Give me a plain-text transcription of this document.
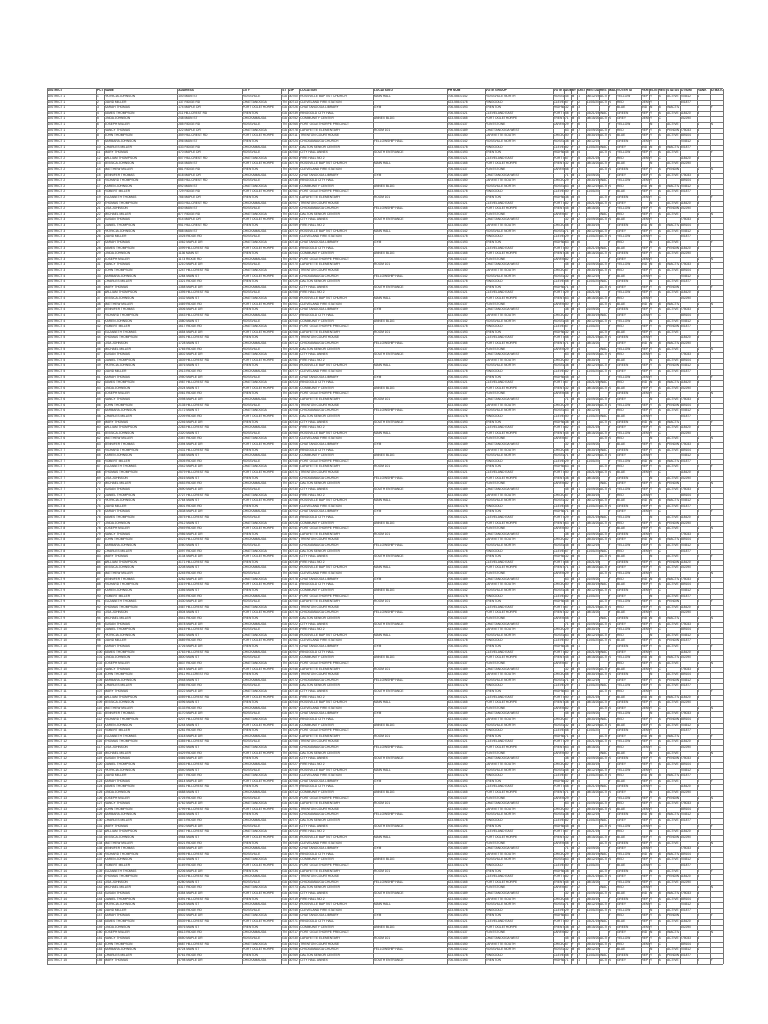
DISTRICT	PCT NAME	ADDRESS	CITY	ST ZIP	LOCATION	LOCATION 2	PH NUM	VOTE GROUP	VOTE AG BY DIST REG DA RES MAIL VOTER ID	PAR ELIG REG STATUS ID NUM	RANK	ID MAT
DISTRICT 1	1	PATRICIA JOHNSON	100 MAIN ST	ROSSVILLE	GA 30700 ROSSVILLE BAPTIST CHURCH	MAIN HALL	706-555-0142	ROSSVILLE NORTH	ROSS 45 M	1	06/12/1 ACT Y	YELLOW	REP Y	A	ACTIVE 204512	1
DISTRICT 1	2	DAVID MILLER	137 RIDGE RD	CHATTANOOGA	TN 30713 CLEVELAND FIRE STATION	423-555-0178	RINGGOLD	CLEVE 67 F	2	11/03/2 ACT N	RED	DEM Y	301877
DISTRICT 1	3	SARAH THOMAS	174 MAPLE DR	FORT OGLETHORPE	GA 30726 CHATTANOOGA LIBRARY	GYM	706-555-0193	TRENTON	HIGHW 32 M	3	Y	BLUE	IND N	B	INACTI	2	Y
DISTRICT 1	4	JAMES THOMPSON	211 HILLCREST RD	TRENTON	GA 30739 RINGGOLD CITY HALL	706-555-0121	CLEVELAND EAST	FORT 58 F	4	03/21/1 INAC	GREEN	REP Y	A	ACTIVE 118420	3
DISTRICT 1	5	LINDA JOHNSON	248 MAIN ST	CHICKAMAUGA	GA 30752 COMMUNITY CENTER	ANNEX BLDG	423-555-0165	FORT OGLETHORPE	TRENT 71 M	5	08/15/2 ACT N	GREY	DEM Y	C	452290
DISTRICT 1	6	JOSEPH MILLER	285 RIDGE RD	ROSSVILLE	TN 30765 FORT OGLETHORPE PRECINCT	706-555-0137	FLINTSTONE	LAFAY 29 F	6	Y	YELLOW	N	ACTIVE	1	N
DISTRICT 1	7	NANCY THOMAS	322 MAPLE DR	CHATTANOOGA	GA 30778 LAFAYETTE ELEMENTARY	ROOM 101	706-555-0189	CHATTANOOGA WEST	63 M	7	01/09/2 ACT Y	RED	REP Y	A	PENDIN 275033	4
DISTRICT 1	8	JOHN THOMPSON	359 HILLCREST RD	FORT OGLETHORPE	GA 30711 TRENTON COURTHOUSE	423-555-0150	LAFAYETTE SOUTH	CHICK 50 F	1	05/30/1 ACT N	BLUE	REP Y	A	ACTIVE 389104	2
DISTRICT 1	9	BARBARA JOHNSON	396 MAIN ST	TRENTON	GA 30724 CHICKAMAUGA CHURCH	FELLOWSHIP HALL	706-555-0142	ROSSVILLE NORTH	ROSS 38 M	2	06/12/1	Y	GREEN	DEM Y	204512	1
DISTRICT 1	10	CHARLES MILLER	433 RIDGE RD	CHICKAMAUGA	TN 30737 DALTON SENIOR CENTER	423-555-0178	RINGGOLD	CLEVE 82 F	3	11/03/2 INAC	GREY	IND N	B	INACTI 301877
DISTRICT 1	11	MARY THOMAS	470 MAPLE DR	ROSSVILLE	GA 30750 CITY HALL ANNEX	SOUTH ENTRANCE	706-555-0193	TRENTON	HIGHW 45 M	4	ACT N	YELLOW	REP Y	A	ACTIVE	2	Y
DISTRICT 2	12	WILLIAM THOMPSON	507 HILLCREST RD	CHATTANOOGA	GA 30763 FIRE HALL NO 2	706-555-0121	CLEVELAND EAST	FORT 67 F	5	03/21/1	Y	RED	DEM Y	C	118420	3
DISTRICT 2	13	JESSICA JOHNSON	544 MAIN ST	FORT OGLETHORPE	GA 30776 ROSSVILLE BAPTIST CHURCH	MAIN HALL	423-555-0165	FORT OGLETHORPE	TRENT 32 M	6	08/15/2 ACT Y	BLUE	N	ACTIVE 452290
DISTRICT 2	14	MATTHEW MILLER	581 RIDGE RD	TRENTON	TN 30709 CLEVELAND FIRE STATION	706-555-0137	FLINTSTONE	LAFAY 58 F	7	ACT N	GREEN	REP Y	A	PENDIN	1	N
DISTRICT 2	15	JENNIFER THOMAS	618 MAPLE DR	CHICKAMAUGA	GA 30722 CHATTANOOGA LIBRARY	GYM	706-555-0189	CHATTANOOGA WEST	71 M	1	01/09/2	Y	GREY	REP Y	A	ACTIVE 275033	4
DISTRICT 2	16	RICHARD THOMPSON	655 HILLCREST RD	ROSSVILLE	GA 30735 RINGGOLD CITY HALL	423-555-0150	LAFAYETTE SOUTH	CHICK 29 F	2	05/30/1 INAC	YELLOW	DEM Y	389104	2
DISTRICT 2	17	KAREN JOHNSON	692 MAIN ST	CHATTANOOGA	GA 30748 COMMUNITY CENTER	ANNEX BLDG	706-555-0142	ROSSVILLE NORTH	ROSS 63 M	3	06/12/1 ACT N	RED	IND N	B	INACTI 204512	1
DISTRICT 2	18	ROBERT MILLER	729 RIDGE RD	FORT OGLETHORPE	TN 30761 FORT OGLETHORPE PRECINCT	423-555-0178	RINGGOLD	CLEVE 50 F	4	11/03/2	Y	BLUE	REP Y	A	ACTIVE 301877
DISTRICT 2	19	ELIZABETH THOMAS	766 MAPLE DR	TRENTON	GA 30774 LAFAYETTE ELEMENTARY	ROOM 101	706-555-0193	TRENTON	HIGHW 38 M	5	ACT Y	GREEN	DEM Y	C	2	Y
DISTRICT 2	20	THOMAS THOMPSON	803 HILLCREST RD	CHICKAMAUGA	GA 30707 TRENTON COURTHOUSE	706-555-0121	CLEVELAND EAST	FORT 82 F	6	03/21/1 ACT N	GREY	N	ACTIVE 118420	3
DISTRICT 2	21	LISA JOHNSON	840 MAIN ST	ROSSVILLE	GA 30720 CHICKAMAUGA CHURCH	FELLOWSHIP HALL	423-555-0165	FORT OGLETHORPE	TRENT 45 M	7	08/15/2	Y	YELLOW	REP Y	A	PENDIN 452290
DISTRICT 3	22	MICHAEL MILLER	877 RIDGE RD	CHATTANOOGA	TN 30733 DALTON SENIOR CENTER	706-555-0137	FLINTSTONE	LAFAY 67 F	1	INAC	RED	REP Y	A	ACTIVE	1	N
DISTRICT 3	23	SUSAN THOMAS	914 MAPLE DR	FORT OGLETHORPE	GA 30746 CITY HALL ANNEX	SOUTH ENTRANCE	706-555-0189	CHATTANOOGA WEST	32 M	2	01/09/2 ACT N	BLUE	DEM Y	275033	4
DISTRICT 3	24	DANIEL THOMPSON	951 HILLCREST RD	TRENTON	GA 30759 FIRE HALL NO 2	423-555-0150	LAFAYETTE SOUTH	CHICK 58 F	3	05/30/1	Y	GREEN	IND N	B	INACTI 389104	2
DISTRICT 3	25	PATRICIA JOHNSON	988 MAIN ST	CHICKAMAUGA	GA 30772 ROSSVILLE BAPTIST CHURCH	MAIN HALL	706-555-0142	ROSSVILLE NORTH	ROSS 71 M	4	06/12/1 ACT Y	GREY	REP Y	A	ACTIVE 204512	1
DISTRICT 3	26	DAVID MILLER	1025 RIDGE RD	ROSSVILLE	TN 30705 CLEVELAND FIRE STATION	423-555-0178	RINGGOLD	CLEVE 29 F	5	11/03/2 ACT N	YELLOW	DEM Y	C	301877
DISTRICT 3	27	SARAH THOMAS	1062 MAPLE DR	CHATTANOOGA	GA 30718 CHATTANOOGA LIBRARY	GYM	706-555-0193	TRENTON	HIGHW 63 M	6	Y	RED	N	ACTIVE	2	Y
DISTRICT 3	28	JAMES THOMPSON	1099 HILLCREST RD	FORT OGLETHORPE	GA 30731 RINGGOLD CITY HALL	706-555-0121	CLEVELAND EAST	FORT 50 F	7	03/21/1 INAC	BLUE	REP Y	A	PENDIN 118420	3
DISTRICT 3	29	LINDA JOHNSON	1136 MAIN ST	TRENTON	GA 30744 COMMUNITY CENTER	ANNEX BLDG	423-555-0165	FORT OGLETHORPE	TRENT 38 M	1	08/15/2 ACT N	GREEN	REP Y	A	ACTIVE 452290
DISTRICT 3	30	JOSEPH MILLER	1173 RIDGE RD	CHICKAMAUGA	TN 30757 FORT OGLETHORPE PRECINCT	706-555-0137	FLINTSTONE	LAFAY 82 F	2	Y	GREY	DEM Y	1	N
DISTRICT 3	31	NANCY THOMAS	1210 MAPLE DR	ROSSVILLE	GA 30770 LAFAYETTE ELEMENTARY	ROOM 101	706-555-0189	CHATTANOOGA WEST	45 M	3	01/09/2 ACT Y	YELLOW	IND N	B	INACTI 275033	4
DISTRICT 3	32	JOHN THOMPSON	1247 HILLCREST RD	CHATTANOOGA	GA 30703 TRENTON COURTHOUSE	423-555-0150	LAFAYETTE SOUTH	CHICK 67 F	4	05/30/1 ACT N	RED	REP Y	A	ACTIVE 389104	2
DISTRICT 4	33	BARBARA JOHNSON	1284 MAIN ST	FORT OGLETHORPE	GA 30716 CHICKAMAUGA CHURCH	FELLOWSHIP HALL	706-555-0142	ROSSVILLE NORTH	ROSS 32 M	5	06/12/1	Y	BLUE	DEM Y	C	204512	1
DISTRICT 4	34	CHARLES MILLER	1321 RIDGE RD	TRENTON	TN 30729 DALTON SENIOR CENTER	423-555-0178	RINGGOLD	CLEVE 58 F	6	11/03/2 INAC	GREEN	N	ACTIVE 301877
DISTRICT 4	35	MARY THOMAS	1358 MAPLE DR	CHICKAMAUGA	GA 30742 CITY HALL ANNEX	SOUTH ENTRANCE	706-555-0193	TRENTON	HIGHW 71 M	7	ACT N	GREY	REP Y	A	PENDIN	2	Y
DISTRICT 4	36	WILLIAM THOMPSON	1395 HILLCREST RD	ROSSVILLE	GA 30755 FIRE HALL NO 2	706-555-0121	CLEVELAND EAST	FORT 29 F	1	03/21/1	Y	YELLOW	REP Y	A	ACTIVE 118420	3
DISTRICT 4	37	JESSICA JOHNSON	1432 MAIN ST	CHATTANOOGA	GA 30768 ROSSVILLE BAPTIST CHURCH	MAIN HALL	423-555-0165	FORT OGLETHORPE	TRENT 63 M	2	08/15/2 ACT Y	RED	DEM Y	452290
DISTRICT 4	38	MATTHEW MILLER	1469 RIDGE RD	FORT OGLETHORPE	TN 30701 CLEVELAND FIRE STATION	706-555-0137	FLINTSTONE	LAFAY 50 F	3	ACT N	BLUE	IND N	B	INACTI	1	N
DISTRICT 4	39	JENNIFER THOMAS	1506 MAPLE DR	TRENTON	GA 30714 CHATTANOOGA LIBRARY	GYM	706-555-0189	CHATTANOOGA WEST	38 M	4	01/09/2	Y	GREEN	REP Y	A	ACTIVE 275033	4
DISTRICT 4	40	RICHARD THOMPSON	1543 HILLCREST RD	CHICKAMAUGA	GA 30727 RINGGOLD CITY HALL	423-555-0150	LAFAYETTE SOUTH	CHICK 82 F	5	05/30/1 INAC	GREY	DEM Y	C	389104	2
DISTRICT 4	41	KAREN JOHNSON	1580 MAIN ST	ROSSVILLE	GA 30740 COMMUNITY CENTER	ANNEX BLDG	706-555-0142	ROSSVILLE NORTH	ROSS 45 M	6	06/12/1 ACT N	YELLOW	N	ACTIVE 204512	1
DISTRICT 4	42	ROBERT MILLER	1617 RIDGE RD	CHATTANOOGA	TN 30753 FORT OGLETHORPE PRECINCT	423-555-0178	RINGGOLD	CLEVE 67 F	7	11/03/2	Y	RED	REP Y	A	PENDIN 301877
DISTRICT 5	43	ELIZABETH THOMAS	1654 MAPLE DR	FORT OGLETHORPE	GA 30766 LAFAYETTE ELEMENTARY	ROOM 101	706-555-0193	TRENTON	HIGHW 32 M	1	ACT Y	BLUE	REP Y	A	ACTIVE	2	Y
DISTRICT 5	44	THOMAS THOMPSON	1691 HILLCREST RD	TRENTON	GA 30779 TRENTON COURTHOUSE	706-555-0121	CLEVELAND EAST	FORT 58 F	2	03/21/1 ACT N	GREEN	DEM Y	118420	3
DISTRICT 5	45	LISA JOHNSON	1728 MAIN ST	CHICKAMAUGA	GA 30712 CHICKAMAUGA CHURCH	FELLOWSHIP HALL	423-555-0165	FORT OGLETHORPE	TRENT 71 M	3	08/15/2	Y	GREY	IND N	B	INACTI 452290
DISTRICT 5	46	MICHAEL MILLER	1765 RIDGE RD	ROSSVILLE	TN 30725 DALTON SENIOR CENTER	706-555-0137	FLINTSTONE	LAFAY 29 F	4	INAC	YELLOW	REP Y	A	ACTIVE	1	N
DISTRICT 5	47	SUSAN THOMAS	1802 MAPLE DR	CHATTANOOGA	GA 30738 CITY HALL ANNEX	SOUTH ENTRANCE	706-555-0189	CHATTANOOGA WEST	63 M	5	01/09/2 ACT N	RED	DEM Y	C	275033	4
DISTRICT 5	48	DANIEL THOMPSON	1839 HILLCREST RD	FORT OGLETHORPE	GA 30751 FIRE HALL NO 2	423-555-0150	LAFAYETTE SOUTH	CHICK 50 F	6	05/30/1	Y	BLUE	N	ACTIVE 389104	2
DISTRICT 5	49	PATRICIA JOHNSON	1876 MAIN ST	TRENTON	GA 30764 ROSSVILLE BAPTIST CHURCH	MAIN HALL	706-555-0142	ROSSVILLE NORTH	ROSS 38 M	7	06/12/1 ACT Y	GREEN	REP Y	A	PENDIN 204512	1
DISTRICT 5	50	DAVID MILLER	1913 RIDGE RD	CHICKAMAUGA	TN 30777 CLEVELAND FIRE STATION	423-555-0178	RINGGOLD	CLEVE 82 F	1	11/03/2 ACT N	GREY	REP Y	A	ACTIVE 301877
DISTRICT 5	51	SARAH THOMAS	1950 MAPLE DR	ROSSVILLE	GA 30710 CHATTANOOGA LIBRARY	GYM	706-555-0193	TRENTON	HIGHW 45 M	2	Y	YELLOW	DEM Y	2	Y
DISTRICT 5	52	JAMES THOMPSON	1987 HILLCREST RD	CHATTANOOGA	GA 30723 RINGGOLD CITY HALL	706-555-0121	CLEVELAND EAST	FORT 67 F	3	03/21/1 INAC	RED	IND N	B	INACTI 118420	3
DISTRICT 6	53	LINDA JOHNSON	2024 MAIN ST	FORT OGLETHORPE	GA 30736 COMMUNITY CENTER	ANNEX BLDG	423-555-0165	FORT OGLETHORPE	TRENT 32 M	4	08/15/2 ACT N	BLUE	REP Y	A	ACTIVE 452290
DISTRICT 6	54	JOSEPH MILLER	2061 RIDGE RD	TRENTON	TN 30749 FORT OGLETHORPE PRECINCT	706-555-0137	FLINTSTONE	LAFAY 58 F	5	Y	GREEN	DEM Y	C	1	N
DISTRICT 6	55	NANCY THOMAS	2098 MAPLE DR	CHICKAMAUGA	GA 30762 LAFAYETTE ELEMENTARY	ROOM 101	706-555-0189	CHATTANOOGA WEST	71 M	6	01/09/2 ACT Y	GREY	N	ACTIVE 275033	4
DISTRICT 6	56	JOHN THOMPSON	2135 HILLCREST RD	ROSSVILLE	GA 30775 TRENTON COURTHOUSE	423-555-0150	LAFAYETTE SOUTH	CHICK 29 F	7	05/30/1 ACT N	YELLOW	REP Y	A	PENDIN 389104	2
DISTRICT 6	57	BARBARA JOHNSON	2172 MAIN ST	CHATTANOOGA	GA 30708 CHICKAMAUGA CHURCH	FELLOWSHIP HALL	706-555-0142	ROSSVILLE NORTH	ROSS 63 M	1	06/12/1	Y	RED	REP Y	A	ACTIVE 204512	1
DISTRICT 6	58	CHARLES MILLER	2209 RIDGE RD	FORT OGLETHORPE	TN 30721 DALTON SENIOR CENTER	423-555-0178	RINGGOLD	CLEVE 50 F	2	11/03/2 INAC	BLUE	DEM Y	301877
DISTRICT 6	59	MARY THOMAS	2246 MAPLE DR	TRENTON	GA 30734 CITY HALL ANNEX	SOUTH ENTRANCE	706-555-0193	TRENTON	HIGHW 38 M	3	ACT N	GREEN	IND N	B	INACTI	2	Y
DISTRICT 6	60	WILLIAM THOMPSON	2283 HILLCREST RD	CHICKAMAUGA	GA 30747 FIRE HALL NO 2	706-555-0121	CLEVELAND EAST	FORT 82 F	4	03/21/1	Y	GREY	REP Y	A	ACTIVE 118420	3
DISTRICT 6	61	JESSICA JOHNSON	2320 MAIN ST	ROSSVILLE	GA 30760 ROSSVILLE BAPTIST CHURCH	MAIN HALL	423-555-0165	FORT OGLETHORPE	TRENT 45 M	5	08/15/2 ACT Y	YELLOW	DEM Y	C	452290
DISTRICT 6	62	MATTHEW MILLER	2357 RIDGE RD	CHATTANOOGA	TN 30773 CLEVELAND FIRE STATION	706-555-0137	FLINTSTONE	LAFAY 67 F	6	ACT N	RED	N	ACTIVE	1	N
DISTRICT 6	63	JENNIFER THOMAS	2394 MAPLE DR	FORT OGLETHORPE	GA 30706 CHATTANOOGA LIBRARY	GYM	706-555-0189	CHATTANOOGA WEST	32 M	7	01/09/2	Y	BLUE	REP Y	A	PENDIN 275033	4
DISTRICT 7	64	RICHARD THOMPSON	2431 HILLCREST RD	TRENTON	GA 30719 RINGGOLD CITY HALL	423-555-0150	LAFAYETTE SOUTH	CHICK 58 F	1	05/30/1 INAC	GREEN	REP Y	A	ACTIVE 389104	2
DISTRICT 7	65	KAREN JOHNSON	2468 MAIN ST	CHICKAMAUGA	GA 30732 COMMUNITY CENTER	ANNEX BLDG	706-555-0142	ROSSVILLE NORTH	ROSS 71 M	2	06/12/1 ACT N	GREY	DEM Y	204512	1
DISTRICT 7	66	ROBERT MILLER	2505 RIDGE RD	ROSSVILLE	TN 30745 FORT OGLETHORPE PRECINCT	423-555-0178	RINGGOLD	CLEVE 29 F	3	11/03/2	Y	YELLOW	IND N	B	INACTI 301877
DISTRICT 7	67	ELIZABETH THOMAS	2542 MAPLE DR	CHATTANOOGA	GA 30758 LAFAYETTE ELEMENTARY	ROOM 101	706-555-0193	TRENTON	HIGHW 63 M	4	ACT Y	RED	REP Y	A	ACTIVE	2	Y
DISTRICT 7	68	THOMAS THOMPSON	2579 HILLCREST RD	FORT OGLETHORPE	GA 30771 TRENTON COURTHOUSE	706-555-0121	CLEVELAND EAST	FORT 50 F	5	03/21/1 ACT N	BLUE	DEM Y	C	118420	3
DISTRICT 7	69	LISA JOHNSON	2616 MAIN ST	TRENTON	GA 30704 CHICKAMAUGA CHURCH	FELLOWSHIP HALL	423-555-0165	FORT OGLETHORPE	TRENT 38 M	6	08/15/2	Y	GREEN	N	ACTIVE 452290
DISTRICT 7	70	MICHAEL MILLER	2653 RIDGE RD	CHICKAMAUGA	TN 30717 DALTON SENIOR CENTER	706-555-0137	FLINTSTONE	LAFAY 82 F	7	INAC	GREY	REP Y	A	PENDIN	1	N
DISTRICT 7	71	SUSAN THOMAS	2690 MAPLE DR	ROSSVILLE	GA 30730 CITY HALL ANNEX	SOUTH ENTRANCE	706-555-0189	CHATTANOOGA WEST	45 M	1	01/09/2 ACT N	YELLOW	REP Y	A	ACTIVE 275033	4
DISTRICT 7	72	DANIEL THOMPSON	2727 HILLCREST RD	CHATTANOOGA	GA 30743 FIRE HALL NO 2	423-555-0150	LAFAYETTE SOUTH	CHICK 67 F	2	05/30/1	Y	RED	DEM Y	389104	2
DISTRICT 7	73	PATRICIA JOHNSON	2764 MAIN ST	FORT OGLETHORPE	GA 30756 ROSSVILLE BAPTIST CHURCH	MAIN HALL	706-555-0142	ROSSVILLE NORTH	ROSS 32 M	3	06/12/1 ACT Y	BLUE	IND N	B	INACTI 204512	1
DISTRICT 8	74	DAVID MILLER	2801 RIDGE RD	TRENTON	TN 30769 CLEVELAND FIRE STATION	423-555-0178	RINGGOLD	CLEVE 58 F	4	11/03/2 ACT N	GREEN	REP Y	A	ACTIVE 301877
DISTRICT 8	75	SARAH THOMAS	2838 MAPLE DR	CHICKAMAUGA	GA 30702 CHATTANOOGA LIBRARY	GYM	706-555-0193	TRENTON	HIGHW 71 M	5	Y	GREY	DEM Y	C	2	Y
DISTRICT 8	76	JAMES THOMPSON	2875 HILLCREST RD	ROSSVILLE	GA 30715 RINGGOLD CITY HALL	706-555-0121	CLEVELAND EAST	FORT 29 F	6	03/21/1 INAC	YELLOW	N	ACTIVE 118420	3
DISTRICT 8	77	LINDA JOHNSON	2912 MAIN ST	CHATTANOOGA	GA 30728 COMMUNITY CENTER	ANNEX BLDG	423-555-0165	FORT OGLETHORPE	TRENT 63 M	7	08/15/2 ACT N	RED	REP Y	A	PENDIN 452290
DISTRICT 8	78	JOSEPH MILLER	2949 RIDGE RD	FORT OGLETHORPE	TN 30741 FORT OGLETHORPE PRECINCT	706-555-0137	FLINTSTONE	LAFAY 50 F	1	Y	BLUE	REP Y	A	ACTIVE	1	N
DISTRICT 8	79	NANCY THOMAS	2986 MAPLE DR	TRENTON	GA 30754 LAFAYETTE ELEMENTARY	ROOM 101	706-555-0189	CHATTANOOGA WEST	38 M	2	01/09/2 ACT Y	GREEN	DEM Y	275033	4
DISTRICT 8	80	JOHN THOMPSON	3023 HILLCREST RD	CHICKAMAUGA	GA 30767 TRENTON COURTHOUSE	423-555-0150	LAFAYETTE SOUTH	CHICK 82 F	3	05/30/1 ACT N	GREY	IND N	B	INACTI 389104	2
DISTRICT 8	81	BARBARA JOHNSON	3060 MAIN ST	ROSSVILLE	GA 30700 CHICKAMAUGA CHURCH	FELLOWSHIP HALL	706-555-0142	ROSSVILLE NORTH	ROSS 45 M	4	06/12/1	Y	YELLOW	REP Y	A	ACTIVE 204512	1
DISTRICT 8	82	CHARLES MILLER	3097 RIDGE RD	CHATTANOOGA	TN 30713 DALTON SENIOR CENTER	423-555-0178	RINGGOLD	CLEVE 67 F	5	11/03/2 INAC	RED	DEM Y	C	301877
DISTRICT 8	83	MARY THOMAS	3134 MAPLE DR	FORT OGLETHORPE	GA 30726 CITY HALL ANNEX	SOUTH ENTRANCE	706-555-0193	TRENTON	HIGHW 32 M	6	ACT N	BLUE	N	ACTIVE	2	Y
DISTRICT 8	84	WILLIAM THOMPSON	3171 HILLCREST RD	TRENTON	GA 30739 FIRE HALL NO 2	706-555-0121	CLEVELAND EAST	FORT 58 F	7	03/21/1	Y	GREEN	REP Y	A	PENDIN 118420	3
DISTRICT 9	85	JESSICA JOHNSON	3208 MAIN ST	CHICKAMAUGA	GA 30752 ROSSVILLE BAPTIST CHURCH	MAIN HALL	423-555-0165	FORT OGLETHORPE	TRENT 71 M	1	08/15/2 ACT Y	GREY	REP Y	A	ACTIVE 452290
DISTRICT 9	86	MATTHEW MILLER	3245 RIDGE RD	ROSSVILLE	TN 30765 CLEVELAND FIRE STATION	706-555-0137	FLINTSTONE	LAFAY 29 F	2	ACT N	YELLOW	DEM Y	1	N
DISTRICT 9	87	JENNIFER THOMAS	3282 MAPLE DR	CHATTANOOGA	GA 30778 CHATTANOOGA LIBRARY	GYM	706-555-0189	CHATTANOOGA WEST	63 M	3	01/09/2	Y	RED	IND N	B	INACTI 275033	4
DISTRICT 9	88	RICHARD THOMPSON	3319 HILLCREST RD	FORT OGLETHORPE	GA 30711 RINGGOLD CITY HALL	423-555-0150	LAFAYETTE SOUTH	CHICK 50 F	4	05/30/1 INAC	BLUE	REP Y	A	ACTIVE 389104	2
DISTRICT 9	89	KAREN JOHNSON	3356 MAIN ST	TRENTON	GA 30724 COMMUNITY CENTER	ANNEX BLDG	706-555-0142	ROSSVILLE NORTH	ROSS 38 M	5	06/12/1 ACT N	GREEN	DEM Y	C	204512	1
DISTRICT 9	90	ROBERT MILLER	3393 RIDGE RD	CHICKAMAUGA	TN 30737 FORT OGLETHORPE PRECINCT	423-555-0178	RINGGOLD	CLEVE 82 F	6	11/03/2	Y	GREY	N	ACTIVE 301877
DISTRICT 9	91	ELIZABETH THOMAS	3430 MAPLE DR	ROSSVILLE	GA 30750 LAFAYETTE ELEMENTARY	ROOM 101	706-555-0193	TRENTON	HIGHW 45 M	7	ACT Y	YELLOW	REP Y	A	PENDIN	2	Y
DISTRICT 9	92	THOMAS THOMPSON	3467 HILLCREST RD	CHATTANOOGA	GA 30763 TRENTON COURTHOUSE	706-555-0121	CLEVELAND EAST	FORT 67 F	1	03/21/1 ACT N	RED	REP Y	A	ACTIVE 118420	3
DISTRICT 9	93	LISA JOHNSON	3504 MAIN ST	FORT OGLETHORPE	GA 30776 CHICKAMAUGA CHURCH	FELLOWSHIP HALL	423-555-0165	FORT OGLETHORPE	TRENT 32 M	2	08/15/2	Y	BLUE	DEM Y	452290
DISTRICT 9	94	MICHAEL MILLER	3541 RIDGE RD	TRENTON	TN 30709 DALTON SENIOR CENTER	706-555-0137	FLINTSTONE	LAFAY 58 F	3	INAC	GREEN	IND N	B	INACTI	1	N
DISTRICT 10	95	SUSAN THOMAS	3578 MAPLE DR	CHICKAMAUGA	GA 30722 CITY HALL ANNEX	SOUTH ENTRANCE	706-555-0189	CHATTANOOGA WEST	71 M	4	01/09/2 ACT N	GREY	REP Y	A	ACTIVE 275033	4
DISTRICT 10	96	DANIEL THOMPSON	3615 HILLCREST RD	ROSSVILLE	GA 30735 FIRE HALL NO 2	423-555-0150	LAFAYETTE SOUTH	CHICK 29 F	5	05/30/1	Y	YELLOW	DEM Y	C	389104	2
DISTRICT 10	97	PATRICIA JOHNSON	3652 MAIN ST	CHATTANOOGA	GA 30748 ROSSVILLE BAPTIST CHURCH	MAIN HALL	706-555-0142	ROSSVILLE NORTH	ROSS 63 M	6	06/12/1 ACT Y	RED	N	ACTIVE 204512	1
DISTRICT 10	98	DAVID MILLER	3689 RIDGE RD	FORT OGLETHORPE	TN 30761 CLEVELAND FIRE STATION	423-555-0178	RINGGOLD	CLEVE 50 F	7	11/03/2 ACT N	BLUE	REP Y	A	PENDIN 301877
DISTRICT 10	99	SARAH THOMAS	3726 MAPLE DR	TRENTON	GA 30774 CHATTANOOGA LIBRARY	GYM	706-555-0193	TRENTON	HIGHW 38 M	1	Y	GREEN	REP Y	A	ACTIVE	2	Y
DISTRICT 10	100 JAMES THOMPSON	3763 HILLCREST RD	CHICKAMAUGA	GA 30707 RINGGOLD CITY HALL	706-555-0121	CLEVELAND EAST	FORT 82 F	2	03/21/1 INAC	GREY	DEM Y	118420	3
DISTRICT 10	101 LINDA JOHNSON	3800 MAIN ST	ROSSVILLE	GA 30720 COMMUNITY CENTER	ANNEX BLDG	423-555-0165	FORT OGLETHORPE	TRENT 45 M	3	08/15/2 ACT N	YELLOW	IND N	B	INACTI 452290
DISTRICT 10	102 JOSEPH MILLER	3837 RIDGE RD	CHATTANOOGA	TN 30733 FORT OGLETHORPE PRECINCT	706-555-0137	FLINTSTONE	LAFAY 67 F	4	Y	RED	REP Y	A	ACTIVE	1	N
DISTRICT 10	103 NANCY THOMAS	3874 MAPLE DR	FORT OGLETHORPE	GA 30746 LAFAYETTE ELEMENTARY	ROOM 101	706-555-0189	CHATTANOOGA WEST	32 M	5	01/09/2 ACT Y	BLUE	DEM Y	C	275033	4
DISTRICT 10	104 JOHN THOMPSON	3911 HILLCREST RD	TRENTON	GA 30759 TRENTON COURTHOUSE	423-555-0150	LAFAYETTE SOUTH	CHICK 58 F	6	05/30/1 ACT N	GREEN	N	ACTIVE 389104	2
DISTRICT 11	105 BARBARA JOHNSON	3948 MAIN ST	CHICKAMAUGA	GA 30772 CHICKAMAUGA CHURCH	FELLOWSHIP HALL	706-555-0142	ROSSVILLE NORTH	ROSS 71 M	7	06/12/1	Y	GREY	REP Y	A	PENDIN 204512	1
DISTRICT 11	106 CHARLES MILLER	3985 RIDGE RD	ROSSVILLE	TN 30705 DALTON SENIOR CENTER	423-555-0178	RINGGOLD	CLEVE 29 F	1	11/03/2 INAC	YELLOW	REP Y	A	ACTIVE 301877
DISTRICT 11	107 MARY THOMAS	4022 MAPLE DR	CHATTANOOGA	GA 30718 CITY HALL ANNEX	SOUTH ENTRANCE	706-555-0193	TRENTON	HIGHW 63 M	2	ACT N	RED	DEM Y	2	Y
DISTRICT 11	108 WILLIAM THOMPSON	4059 HILLCREST RD	FORT OGLETHORPE	GA 30731 FIRE HALL NO 2	706-555-0121	CLEVELAND EAST	FORT 50 F	3	03/21/1	Y	BLUE	IND N	B	INACTI 118420	3
DISTRICT 11	109 JESSICA JOHNSON	4096 MAIN ST	TRENTON	GA 30744 ROSSVILLE BAPTIST CHURCH	MAIN HALL	423-555-0165	FORT OGLETHORPE	TRENT 38 M	4	08/15/2 ACT Y	GREEN	REP Y	A	ACTIVE 452290
DISTRICT 11	110 MATTHEW MILLER	4133 RIDGE RD	CHICKAMAUGA	TN 30757 CLEVELAND FIRE STATION	706-555-0137	FLINTSTONE	LAFAY 82 F	5	ACT N	GREY	DEM Y	C	1	N
DISTRICT 11	111 JENNIFER THOMAS	4170 MAPLE DR	ROSSVILLE	GA 30770 CHATTANOOGA LIBRARY	GYM	706-555-0189	CHATTANOOGA WEST	45 M	6	01/09/2	Y	YELLOW	N	ACTIVE 275033	4
DISTRICT 11	112 RICHARD THOMPSON	4207 HILLCREST RD	CHATTANOOGA	GA 30703 RINGGOLD CITY HALL	423-555-0150	LAFAYETTE SOUTH	CHICK 67 F	7	05/30/1 INAC	RED	REP Y	A	PENDIN 389104	2
DISTRICT 11	113 KAREN JOHNSON	4244 MAIN ST	FORT OGLETHORPE	GA 30716 COMMUNITY CENTER	ANNEX BLDG	706-555-0142	ROSSVILLE NORTH	ROSS 32 M	1	06/12/1 ACT N	BLUE	REP Y	A	ACTIVE 204512	1
DISTRICT 11	114 ROBERT MILLER	4281 RIDGE RD	TRENTON	TN 30729 FORT OGLETHORPE PRECINCT	423-555-0178	RINGGOLD	CLEVE 58 F	2	11/03/2	Y	GREEN	DEM Y	301877
DISTRICT 11	115 ELIZABETH THOMAS	4318 MAPLE DR	CHICKAMAUGA	GA 30742 LAFAYETTE ELEMENTARY	ROOM 101	706-555-0193	TRENTON	HIGHW 71 M	3	ACT Y	GREY	IND N	B	INACTI	2	Y
DISTRICT 12	116 THOMAS THOMPSON	4355 HILLCREST RD	ROSSVILLE	GA 30755 TRENTON COURTHOUSE	706-555-0121	CLEVELAND EAST	FORT 29 F	4	03/21/1 ACT N	YELLOW	REP Y	A	ACTIVE 118420	3
DISTRICT 12	117 LISA JOHNSON	4392 MAIN ST	CHATTANOOGA	GA 30768 CHICKAMAUGA CHURCH	FELLOWSHIP HALL	423-555-0165	FORT OGLETHORPE	TRENT 63 M	5	08/15/2	Y	RED	DEM Y	C	452290
DISTRICT 12	118 MICHAEL MILLER	4429 RIDGE RD	FORT OGLETHORPE	TN 30701 DALTON SENIOR CENTER	706-555-0137	FLINTSTONE	LAFAY 50 F	6	INAC	BLUE	N	ACTIVE	1	N
DISTRICT 12	119 SUSAN THOMAS	4466 MAPLE DR	TRENTON	GA 30714 CITY HALL ANNEX	SOUTH ENTRANCE	706-555-0189	CHATTANOOGA WEST	38 M	7	01/09/2 ACT N	GREEN	REP Y	A	PENDIN 275033	4
DISTRICT 12	120 DANIEL THOMPSON	4503 HILLCREST RD	CHICKAMAUGA	GA 30727 FIRE HALL NO 2	423-555-0150	LAFAYETTE SOUTH	CHICK 82 F	1	05/30/1	Y	GREY	REP Y	A	ACTIVE 389104	2
DISTRICT 12	121 PATRICIA JOHNSON	4540 MAIN ST	ROSSVILLE	GA 30740 ROSSVILLE BAPTIST CHURCH	MAIN HALL	706-555-0142	ROSSVILLE NORTH	ROSS 45 M	2	06/12/1 ACT Y	YELLOW	DEM Y	204512	1
DISTRICT 12	122 DAVID MILLER	4577 RIDGE RD	CHATTANOOGA	TN 30753 CLEVELAND FIRE STATION	423-555-0178	RINGGOLD	CLEVE 67 F	3	11/03/2 ACT N	RED	IND N	B	INACTI 301877
DISTRICT 12	123 SARAH THOMAS	4614 MAPLE DR	FORT OGLETHORPE	GA 30766 CHATTANOOGA LIBRARY	GYM	706-555-0193	TRENTON	HIGHW 32 M	4	Y	BLUE	REP Y	A	ACTIVE	2	Y
DISTRICT 12	124 JAMES THOMPSON	4651 HILLCREST RD	TRENTON	GA 30779 RINGGOLD CITY HALL	706-555-0121	CLEVELAND EAST	FORT 58 F	5	03/21/1 INAC	GREEN	DEM Y	C	118420	3
DISTRICT 12	125 LINDA JOHNSON	4688 MAIN ST	CHICKAMAUGA	GA 30712 COMMUNITY CENTER	ANNEX BLDG	423-555-0165	FORT OGLETHORPE	TRENT 71 M	6	08/15/2 ACT N	GREY	N	ACTIVE 452290
DISTRICT 13	126 JOSEPH MILLER	4725 RIDGE RD	ROSSVILLE	TN 30725 FORT OGLETHORPE PRECINCT	706-555-0137	FLINTSTONE	LAFAY 29 F	7	Y	YELLOW	REP Y	A	PENDIN	1	N
DISTRICT 13	127 NANCY THOMAS	4762 MAPLE DR	CHATTANOOGA	GA 30738 LAFAYETTE ELEMENTARY	ROOM 101	706-555-0189	CHATTANOOGA WEST	63 M	1	01/09/2 ACT Y	RED	REP Y	A	ACTIVE 275033	4
DISTRICT 13	128 JOHN THOMPSON	4799 HILLCREST RD	FORT OGLETHORPE	GA 30751 TRENTON COURTHOUSE	423-555-0150	LAFAYETTE SOUTH	CHICK 50 F	2	05/30/1 ACT N	BLUE	DEM Y	389104	2
DISTRICT 13	129 BARBARA JOHNSON	4836 MAIN ST	TRENTON	GA 30764 CHICKAMAUGA CHURCH	FELLOWSHIP HALL	706-555-0142	ROSSVILLE NORTH	ROSS 38 M	3	06/12/1	Y	GREEN	IND N	B	INACTI 204512	1
DISTRICT 13	130 CHARLES MILLER	4873 RIDGE RD	CHICKAMAUGA	TN 30777 DALTON SENIOR CENTER	423-555-0178	RINGGOLD	CLEVE 82 F	4	11/03/2 INAC	GREY	REP Y	A	ACTIVE 301877
DISTRICT 13	131 MARY THOMAS	4910 MAPLE DR	ROSSVILLE	GA 30710 CITY HALL ANNEX	SOUTH ENTRANCE	706-555-0193	TRENTON	HIGHW 45 M	5	ACT N	YELLOW	DEM Y	C	2	Y
DISTRICT 13	132 WILLIAM THOMPSON	4947 HILLCREST RD	CHATTANOOGA	GA 30723 FIRE HALL NO 2	706-555-0121	CLEVELAND EAST	FORT 67 F	6	03/21/1	Y	RED	N	ACTIVE 118420	3
DISTRICT 13	133 JESSICA JOHNSON	4984 MAIN ST	FORT OGLETHORPE	GA 30736 ROSSVILLE BAPTIST CHURCH	MAIN HALL	423-555-0165	FORT OGLETHORPE	TRENT 32 M	7	08/15/2 ACT Y	BLUE	REP Y	A	PENDIN 452290
DISTRICT 13	134 MATTHEW MILLER	5021 RIDGE RD	TRENTON	TN 30749 CLEVELAND FIRE STATION	706-555-0137	FLINTSTONE	LAFAY 58 F	1	ACT N	GREEN	REP Y	A	ACTIVE	1	N
DISTRICT 13	135 JENNIFER THOMAS	5058 MAPLE DR	CHICKAMAUGA	GA 30762 CHATTANOOGA LIBRARY	GYM	706-555-0189	CHATTANOOGA WEST	71 M	2	01/09/2	Y	GREY	DEM Y	275033	4
DISTRICT 13	136 RICHARD THOMPSON	5095 HILLCREST RD	ROSSVILLE	GA 30775 RINGGOLD CITY HALL	423-555-0150	LAFAYETTE SOUTH	CHICK 29 F	3	05/30/1 INAC	YELLOW	IND N	B	INACTI 389104	2
DISTRICT 14	137 KAREN JOHNSON	5132 MAIN ST	CHATTANOOGA	GA 30708 COMMUNITY CENTER	ANNEX BLDG	706-555-0142	ROSSVILLE NORTH	ROSS 63 M	4	06/12/1 ACT N	RED	REP Y	A	ACTIVE 204512	1
DISTRICT 14	138 ROBERT MILLER	5169 RIDGE RD	FORT OGLETHORPE	TN 30721 FORT OGLETHORPE PRECINCT	423-555-0178	RINGGOLD	CLEVE 50 F	5	11/03/2	Y	BLUE	DEM Y	C	301877
DISTRICT 14	139 ELIZABETH THOMAS	5206 MAPLE DR	TRENTON	GA 30734 LAFAYETTE ELEMENTARY	ROOM 101	706-555-0193	TRENTON	HIGHW 38 M	6	ACT Y	GREEN	N	ACTIVE	2	Y
DISTRICT 14	140 THOMAS THOMPSON	5243 HILLCREST RD	CHICKAMAUGA	GA 30747 TRENTON COURTHOUSE	706-555-0121	CLEVELAND EAST	FORT 82 F	7	03/21/1 ACT N	GREY	REP Y	A	PENDIN 118420	3
DISTRICT 14	141 LISA JOHNSON	5280 MAIN ST	ROSSVILLE	GA 30760 CHICKAMAUGA CHURCH	FELLOWSHIP HALL	423-555-0165	FORT OGLETHORPE	TRENT 45 M	1	08/15/2	Y	YELLOW	REP Y	A	ACTIVE 452290
DISTRICT 14	142 MICHAEL MILLER	5317 RIDGE RD	CHATTANOOGA	TN 30773 DALTON SENIOR CENTER	706-555-0137	FLINTSTONE	LAFAY 67 F	2	INAC	RED	DEM Y	1	N
DISTRICT 14	143 SUSAN THOMAS	5354 MAPLE DR	FORT OGLETHORPE	GA 30706 CITY HALL ANNEX	SOUTH ENTRANCE	706-555-0189	CHATTANOOGA WEST	32 M	3	01/09/2 ACT N	BLUE	IND N	B	INACTI 275033	4
DISTRICT 14	144 DANIEL THOMPSON	5391 HILLCREST RD	TRENTON	GA 30719 FIRE HALL NO 2	423-555-0150	LAFAYETTE SOUTH	CHICK 58 F	4	05/30/1	Y	GREEN	REP Y	A	ACTIVE 389104	2
DISTRICT 14	145 PATRICIA JOHNSON	5428 MAIN ST	CHICKAMAUGA	GA 30732 ROSSVILLE BAPTIST CHURCH	MAIN HALL	706-555-0142	ROSSVILLE NORTH	ROSS 71 M	5	06/12/1 ACT Y	GREY	DEM Y	C	204512	1
DISTRICT 14	146 DAVID MILLER	5465 RIDGE RD	ROSSVILLE	TN 30745 CLEVELAND FIRE STATION	423-555-0178	RINGGOLD	CLEVE 29 F	6	11/03/2 ACT N	YELLOW	N	ACTIVE 301877
DISTRICT 15	147 SARAH THOMAS	5502 MAPLE DR	CHATTANOOGA	GA 30758 CHATTANOOGA LIBRARY	GYM	706-555-0193	TRENTON	HIGHW 63 M	7	Y	RED	REP Y	A	PENDIN	2	Y
DISTRICT 15	148 JAMES THOMPSON	5539 HILLCREST RD	FORT OGLETHORPE	GA 30771 RINGGOLD CITY HALL	706-555-0121	CLEVELAND EAST	FORT 50 F	1	03/21/1 INAC	BLUE	REP Y	A	ACTIVE 118420	3
DISTRICT 15	149 LINDA JOHNSON	5576 MAIN ST	TRENTON	GA 30704 COMMUNITY CENTER	ANNEX BLDG	423-555-0165	FORT OGLETHORPE	TRENT 38 M	2	08/15/2 ACT N	GREEN	DEM Y	452290
DISTRICT 15	150 JOSEPH MILLER	5613 RIDGE RD	CHICKAMAUGA	TN 30717 FORT OGLETHORPE PRECINCT	706-555-0137	FLINTSTONE	LAFAY 82 F	3	Y	GREY	IND N	B	INACTI	1	N
DISTRICT 15	151 NANCY THOMAS	5650 MAPLE DR	ROSSVILLE	GA 30730 LAFAYETTE ELEMENTARY	ROOM 101	706-555-0189	CHATTANOOGA WEST	45 M	4	01/09/2 ACT Y	YELLOW	REP Y	A	ACTIVE 275033	4
DISTRICT 15	152 JOHN THOMPSON	5687 HILLCREST RD	CHATTANOOGA	GA 30743 TRENTON COURTHOUSE	423-555-0150	LAFAYETTE SOUTH	CHICK 67 F	5	05/30/1 ACT N	RED	DEM Y	C	389104	2
DISTRICT 15	153 BARBARA JOHNSON	5724 MAIN ST	FORT OGLETHORPE	GA 30756 CHICKAMAUGA CHURCH	FELLOWSHIP HALL	706-555-0142	ROSSVILLE NORTH	ROSS 32 M	6	06/12/1	Y	BLUE	N	ACTIVE 204512	1
DISTRICT 15	154 CHARLES MILLER	5761 RIDGE RD	TRENTON	TN 30769 DALTON SENIOR CENTER	423-555-0178	RINGGOLD	CLEVE 58 F	7	11/03/2 INAC	GREEN	REP Y	A	PENDIN 301877
DISTRICT 15	155 MARY THOMAS	5798 MAPLE DR	CHICKAMAUGA	GA 30702 CITY HALL ANNEX	SOUTH ENTRANCE	706-555-0193	TRENTON	HIGHW 71 M	1	ACT N	GREY	REP Y	A	ACTIVE	2	Y
